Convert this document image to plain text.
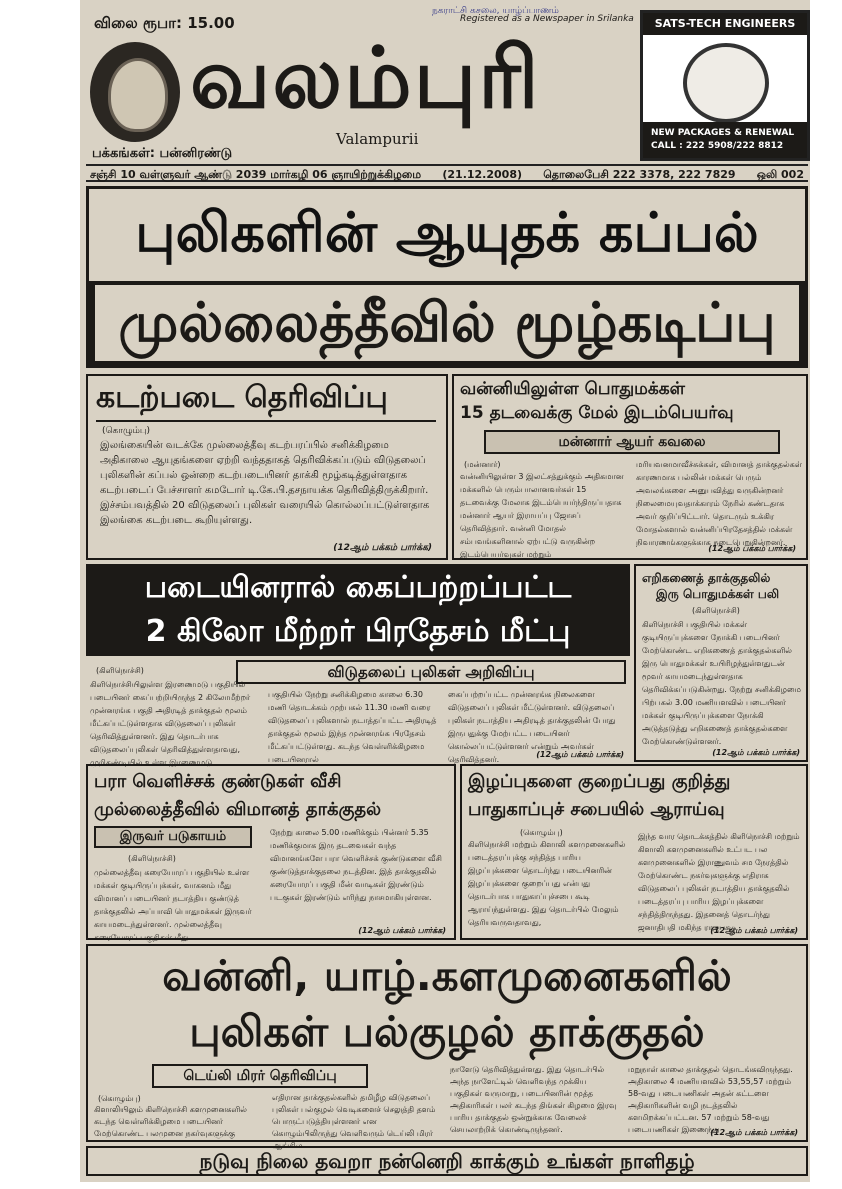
விலை ரூபா: 15.00
நகராட்சி கசலை, யாழ்ப்பாணம்
Registered as a Newspaper in Srilanka
வலம்புரி
Valampurii
பக்கங்கள்: பன்னிரண்டு
SATS-TECH ENGINEERS
NEW PACKAGES & RENEWAL
CALL : 222 5908/222 8812
சஞ்சி 10 வள்ளுவர் ஆண்டு 2039 மார்கழி 06 ஞாயிற்றுக்கிழமை (21.12.2008) தொலைபேசி 222 3378, 222 7829 ஒலி 002
புலிகளின் ஆயுதக் கப்பல்
முல்லைத்தீவில் மூழ்கடிப்பு
கடற்படை தெரிவிப்பு
(கொழும்பு)
இலங்கையின் வடக்கே முல்லைத்தீவு கடற்பரப்பில் சனிக்கிழமை அதிகாலை ஆயுதங்களை ஏற்றி வந்ததாகத் தெரிவிக்கப்படும் விடுதலைப் புலிகளின் கப்பல் ஒன்றை கடற்படையினர் தாக்கி மூழ்கடித்துள்ளதாக கடற்படைப் பேச்சாளர் கமடோர் டி.கே.பி.தசநாயக்க தெரிவித்திருக்கிறார். இச்சம்பவத்தில் 20 விடுதலைப் புலிகள் வரையில் கொல்லப்பட்டுள்ளதாக இலங்கை கடற்படை கூறியுள்ளது.
(12ஆம் பக்கம் பார்க்க)
வன்னியிலுள்ள பொதுமக்கள்
15 தடவைக்கு மேல் இடம்பெயர்வு
மன்னார் ஆயர் கவலை
(மன்னார்)
வன்னியிலுள்ள 3 இலட்சத்துக்கும் அதிகமான மக்களில் பெரும்பாலானவர்கள் 15 தடவைக்கு மேலாக இடம்பெயர்ந்திருப்பதாக மன்னார் ஆயர் இராயப்பு ஜோசப் தெரிவித்தார். வன்னி மோதல் சம்பவங்களினால் ஏற்பட்டு வருகின்ற இடம்பெயர்வுகள் மற்றும்
மரியவனமாவீச்சுக்கள், விமானத் தாக்குதல்கள் காரணமாக பல்லின் மக்கள் பெரும் அவலங்களை அனுபவித்து வருகின்றனர் நிலைமையுவதாக்காரம் நேரில் கண்டதாக அவர் குறிப்பிட்டார். தொடரும் உக்கிர மோதல்களால் வன்னிப்பிரதேசத்தில் மக்கள் நிவாரணங்களுக்காக நடைபெறுகின்றனர்.
(12ஆம் பக்கம் பார்க்க)
படையினரால் கைப்பற்றப்பட்ட
2 கிலோ மீற்றர் பிரதேசம் மீட்பு
விடுதலைப் புலிகள் அறிவிப்பு
(கிளிநொச்சி)
கிளிநொச்சியிலுள்ள இரணைமடு பகுதியில் படையினர் கைப்பற்றியிருந்த 2 கிலோமீற்றர் முன்னரங்க பகுதி அதிரடித் தாக்குதல் மூலம் மீட்கப்பட்டுள்ளதாக விடுதலைப் புலிகள் தெரிவித்துள்ளனர். இது தொடர்பாக விடுதலைப்புலிகள் தெரிவித்துள்ளதாவது, முறிகண்டியில் உள்ள இரணைமடு
பகுதியில் நேற்று சனிக்கிழமை காலை 6.30 மணி தொடக்கம் முற்பகல் 11.30 மணி வரை விடுதலைப் புலிகளால் நடாத்தப்பட்ட அதிரடித் தாக்குதல் மூலம் இந்த முன்னரங்க பிரதேசம் மீட்கப்பட்டுள்ளது. கடந்த வெள்ளிக்கிழமை படையினரால்
கைப்பற்றப்பட்ட முன்னரங்க நிலைகளை விடுதலைப் புலிகள் மீட்டுள்ளனர். விடுதலைப் புலிகள் நடாத்திய அதிரடித் தாக்குதலின் போது இருபதுக்கு மேற்பட்ட படையினர் கொல்லப்பட்டுள்ளனர் என்றும் அவர்கள் தெரிவித்தனர்.
(12ஆம் பக்கம் பார்க்க)
எறிகணைத் தாக்குதலில்
இரு பொதுமக்கள் பலி
(கிளிநொச்சி)
கிளிநொச்சி பகுதியில் மக்கள் குடியிருப்புக்களை நோக்கி படையினர் மேற்கொண்ட எறிகணைத் தாக்குதல்களில் இரு பொதுமக்கள் உயிரிழந்துள்ளதுடன் மூவர் காயமடைந்துள்ளதாக தெரிவிக்கப்படுகின்றது. நேற்று சனிக்கிழமை பிற்பகல் 3.00 மணியளவில் படையினர் மக்கள் குடியிருப்புக்களை நோக்கி அடுத்தடுத்து எறிகணைத் தாக்குதல்களை மேற்கொண்டுள்ளனர்.
(12ஆம் பக்கம் பார்க்க)
பரா வெளிச்சக் குண்டுகள் வீசி
முல்லைத்தீவில் விமானத் தாக்குதல்
இருவர் படுகாயம்
(கிளிநொச்சி)
முல்லைத்தீவு கரையோரப் பகுதியில் உள்ள மக்கள் குடியிருப்புக்கள், வாகனம் மீது விமானப் படையினர் நடாத்திய குண்டுத் தாக்குதலில் அப்பாவி பொதுமக்கள் இருவர் காயமடைந்துள்ளனர். முல்லைத்தீவு கரையோரப் பகுதிகள் மீது
நேற்று காலை 5.00 மணிக்கும் பின்னர் 5.35 மணிக்குமாக இரு தடவைகள் வந்த விமானங்களே பரா வெளிச்சக் குண்டுகளை வீசி குண்டுத்தாக்குதலை நடத்தின. இத் தாக்குதலில் கரையோரப் பகுதி மீன் வாடிகள் இரண்டும் படகுகள் இரண்டும் எரிந்து நாசமாகியுள்ளன.
(12ஆம் பக்கம் பார்க்க)
இழப்புகளை குறைப்பது குறித்து
பாதுகாப்புச் சபையில் ஆராய்வு
(கொழும்பு)
கிளிநொச்சி மற்றும் கிளாலி களமுனைகளில் படைத்தரப்புக்கு சந்தித்த பாரிய இழப்புக்களை தொடர்ந்து படையினரின் இழப்புக்களை குறைப்பது என்பது தொடர்பாக பாதுகாப்புச்சபை கூடி ஆராய்ந்துள்ளது. இது தொடர்பில் மேலும் தெரியவருவதாவது,
இந்த வார தொடக்கத்தில் கிளிநொச்சி மற்றும் கிளாலி களமுனைகளில் உட்பட பல களமுனைகளில் இராணுவம் சம நேரத்தில் மேற்கொண்ட நகர்வுகளுக்கு எதிராக விடுதலைப் புலிகள் நடாத்திய தாக்குதலில் படைத்தரப்பு பாரிய இழப்புக்களை சந்தித்திருந்தது. இதனைத் தொடர்ந்து ஜனாதிபதி மகிந்த ராஜபக்ஷ
(12ஆம் பக்கம் பார்க்க)
வன்னி, யாழ்.களமுனைகளில்
புலிகள் பல்குழல் தாக்குதல்
டெய்லி மிரர் தெரிவிப்பு
(கொழும்பு)
கிளாலியிலும் கிளிநொச்சி களமுனைகளில் கடந்த வெள்ளிக்கிழமை படையினர் மேற்கொண்ட பலமுனை நகர்வுகளுக்கு
எதிரான தாக்குதல்களில் தமிழீழ விடுதலைப் புலிகள் பல்குழல் வெடிகளைச் செலுத்தி தளம் பொருட்படுத்தியுள்ளனர் என கொழும்பிலிருந்து வெளிவரும் டெய்லி மிரர் ஆங்கில
நாளேடு தெரிவித்துள்ளது. இது தொடர்பில் அந்த நாளேட்டில் வெளிவந்த முக்கிய பகுதிகள் வருமாறு, படையினரின் மூத்த அதிகாரிகள் பலர் கடந்த திங்கள் கிழமை இரவு பாரிய தாக்குதல் ஒன்றுக்காக வேலைச் செயலாற்றிக் கொண்டிருந்தனர்.
மறுநாள் காலை தாக்குதல் தொடங்கவிருந்தது. அதிகாலை 4 மணியளவில் 53,55,57 மற்றும் 58-வது படையணிகள் அதன் கட்டளை அதிகாரிகளின் வழி நடத்தலில் களமிறக்கப்பட்டன. 57 மற்றும் 58-வது படையணிகள் இணைந்து
(12ஆம் பக்கம் பார்க்க)
நடுவு நிலை தவறா நன்னெறி காக்கும் உங்கள் நாளிதழ்
